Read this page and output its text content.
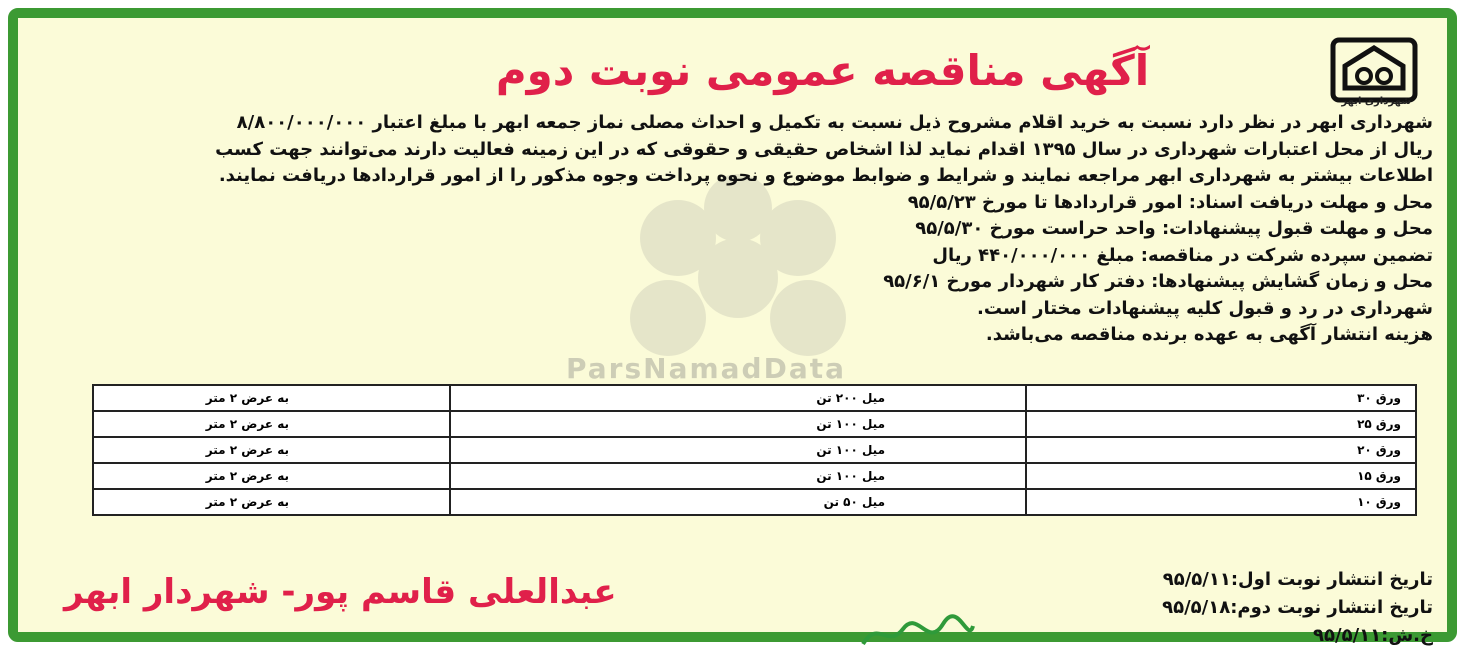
شهرداری ابهر
آگهی مناقصه عمومی نوبت دوم

شهرداری ابهر در نظر دارد نسبت به خرید اقلام مشروح ذیل نسبت به تکمیل و احداث مصلی نماز جمعه ابهر با مبلغ اعتبار ۸/۸۰۰/۰۰۰/۰۰۰

ریال از محل اعتبارات شهرداری در سال ۱۳۹۵ اقدام نماید لذا اشخاص حقیقی و حقوقی که در این زمینه فعالیت دارند می‌توانند جهت کسب

اطلاعات بیشتر به شهرداری ابهر مراجعه نمایند و شرایط و ضوابط موضوع و نحوه پرداخت وجوه مذکور را از امور قراردادها دریافت نمایند.

محل و مهلت دریافت اسناد: امور قراردادها تا مورخ ۹۵/۵/۲۳

محل و مهلت قبول پیشنهادات: واحد حراست مورخ ۹۵/۵/۳۰

تضمین سپرده شرکت در مناقصه: مبلغ ۴۴۰/۰۰۰/۰۰۰ ریال

محل و زمان گشایش پیشنهادها: دفتر کار شهردار مورخ ۹۵/۶/۱

شهرداری در رد و قبول کلیه پیشنهادات مختار است.

هزینه انتشار آگهی به عهده برنده مناقصه می‌باشد.

ParsNamadData
ورق ۳۰	میل ۲۰۰ تن	به عرض ۲ متر
ورق ۲۵	میل ۱۰۰ تن	به عرض ۲ متر
ورق ۲۰	میل ۱۰۰ تن	به عرض ۲ متر
ورق ۱۵	میل ۱۰۰ تن	به عرض ۲ متر
ورق ۱۰	میل ۵۰ تن	به عرض ۲ متر

تاریخ انتشار نوبت اول:۹۵/۵/۱۱

تاریخ انتشار نوبت دوم:۹۵/۵/۱۸

خ.ش:۹۵/۵/۱۱

عبدالعلی قاسم پور- شهردار ابهر
